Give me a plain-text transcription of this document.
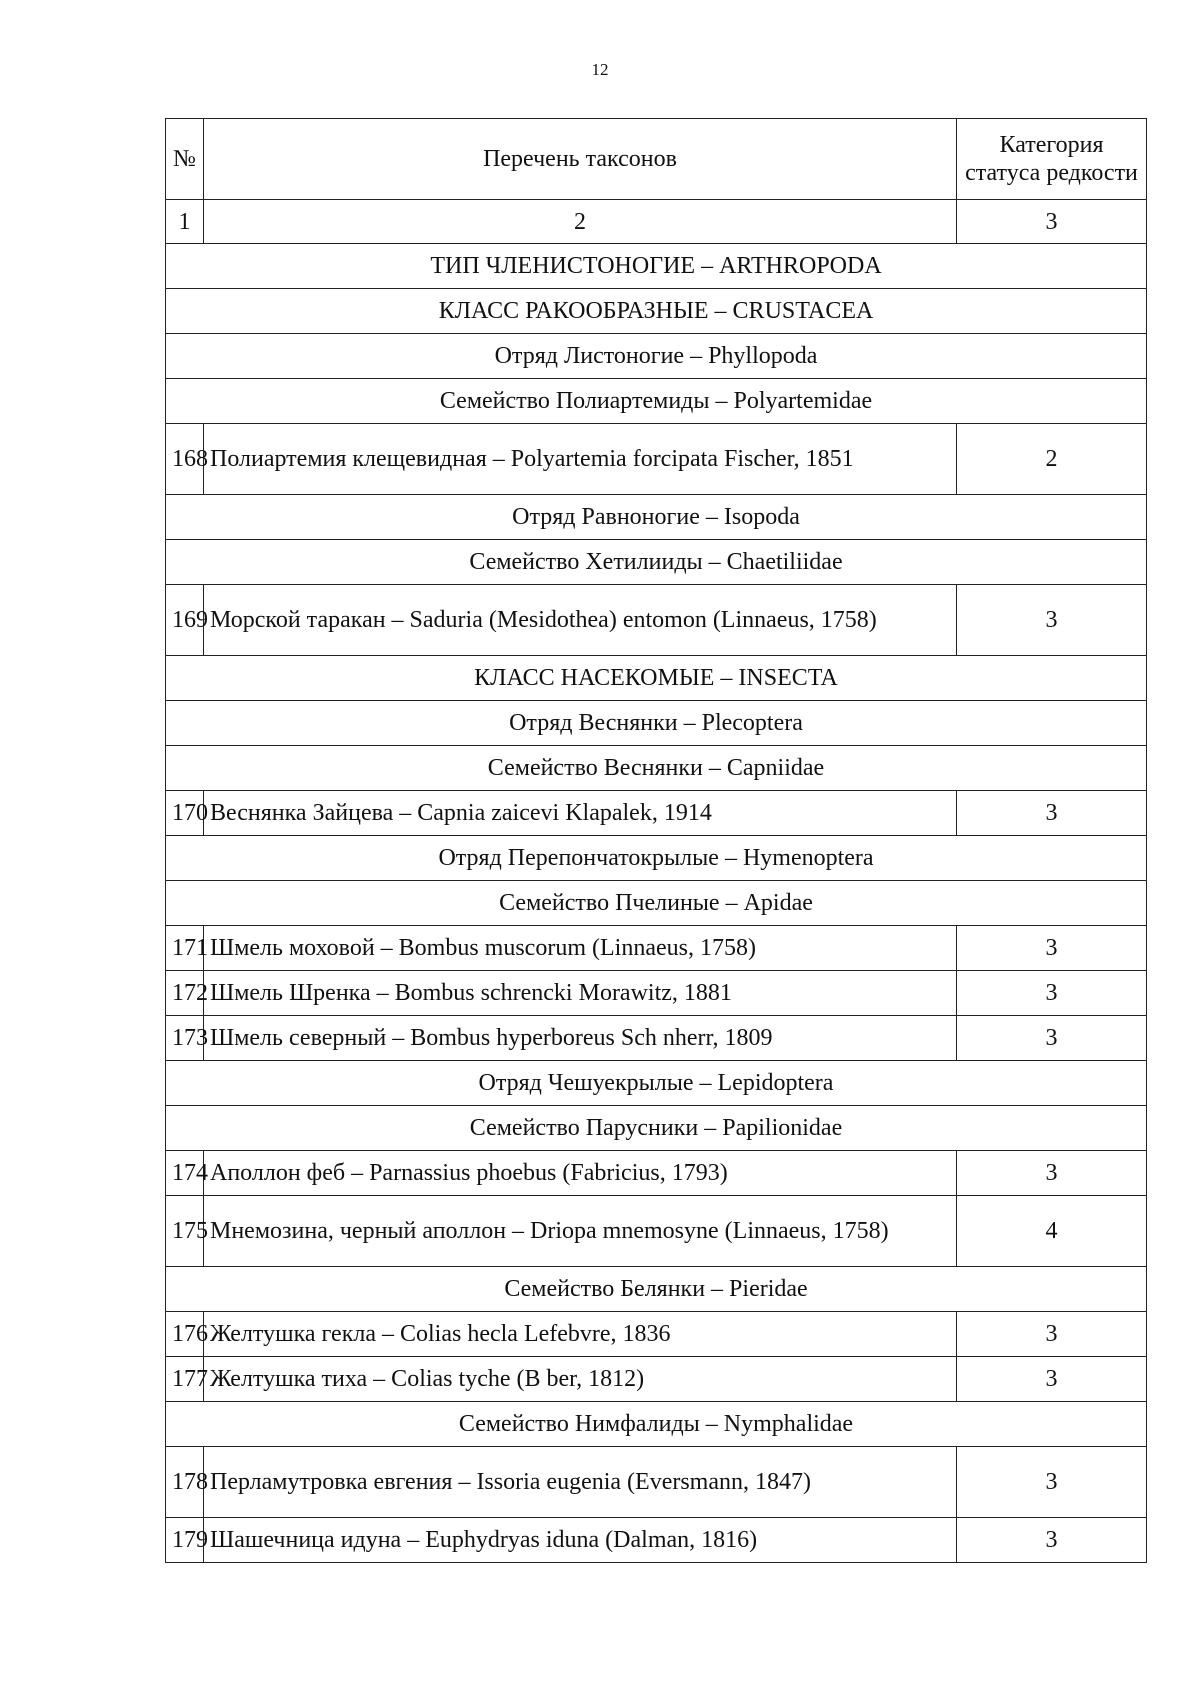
12
№	Перечень таксонов	Категория статуса редкости
1	2	3
ТИП ЧЛЕНИСТОНОГИЕ – ARTHROPODA		
КЛАСС РАКООБРАЗНЫЕ – CRUSTACEA		
Отряд Листоногие – Phyllopoda		
Семейство Полиартемиды – Polyartemidae		
168	Полиартемия клещевидная – Polyartemia forcipata Fischer, 1851	2
Отряд Равноногие – Isopoda		
Семейство Хетилииды – Chaetiliidae		
169	Морской таракан – Saduria (Mesidothea) entomon (Linnaeus, 1758)	3
КЛАСС НАСЕКОМЫЕ – INSECTA		
Отряд Веснянки – Plecoptera		
Семейство Веснянки – Capniidae		
170	Веснянка Зайцева – Capnia zaicevi Klapalek, 1914	3
Отряд Перепончатокрылые – Hymenoptera		
Семейство Пчелиные – Apidae		
171	Шмель моховой – Bombus muscorum (Linnaeus, 1758)	3
172	Шмель Шренка – Bombus schrencki Morawitz, 1881	3
173	Шмель северный – Bombus hyperboreus Sch nherr, 1809	3
Отряд Чешуекрылые – Lepidoptera		
Семейство Парусники – Papilionidae		
174	Аполлон феб – Parnassius phoebus (Fabricius, 1793)	3
175	Мнемозина, черный аполлон – Driopa mnemosyne (Linnaeus, 1758)	4
Семейство Белянки – Pieridae		
176	Желтушка гекла – Colias hecla Lefebvre, 1836	3
177	Желтушка тиха – Colias tyche (B ber, 1812)	3
Семейство Нимфалиды – Nymphalidae		
178	Перламутровка евгения – Issoria eugenia (Eversmann, 1847)	3
179	Шашечница идуна – Euphydryas iduna (Dalman, 1816)	3
